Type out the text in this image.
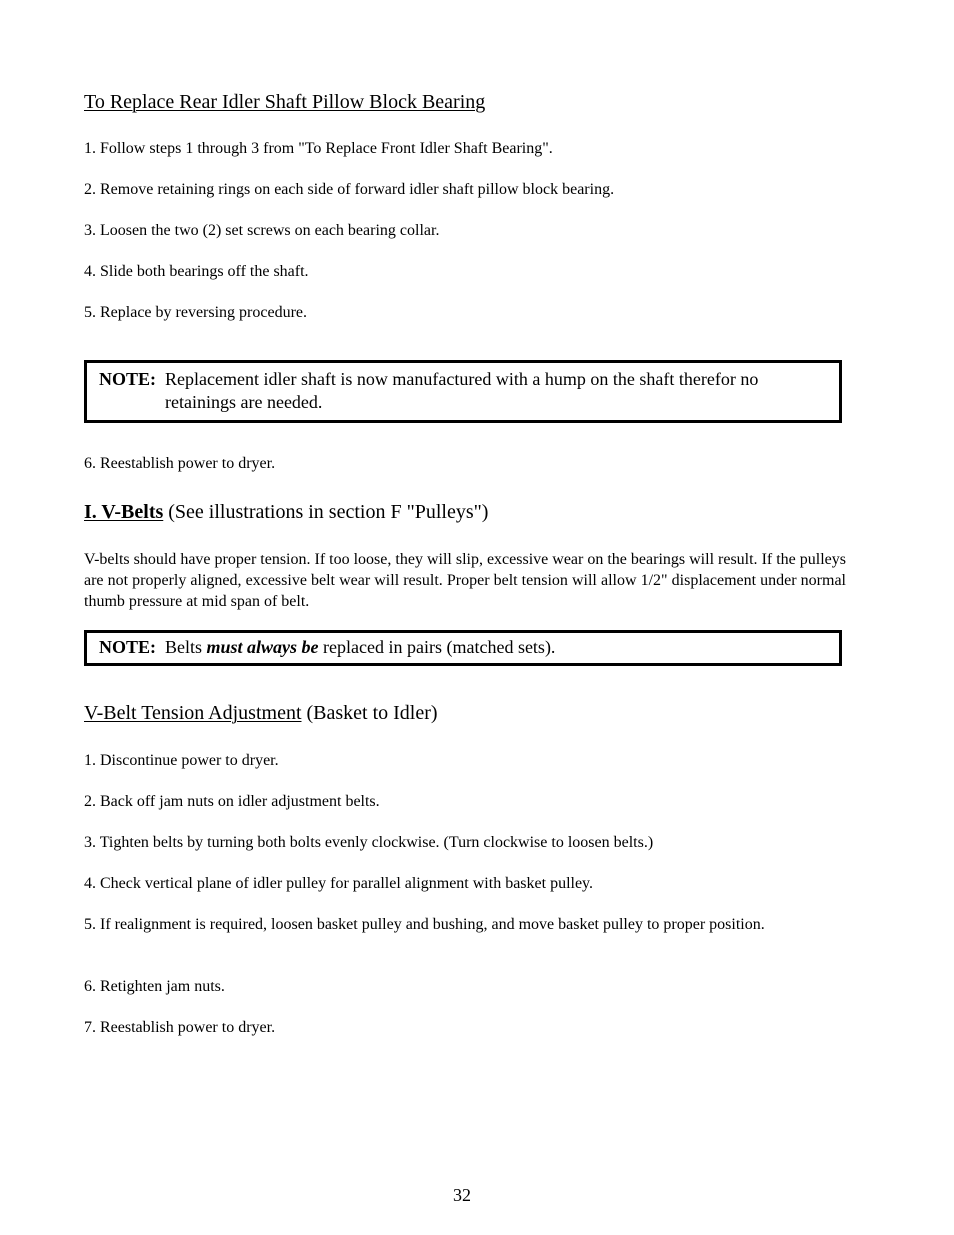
To Replace Rear Idler Shaft Pillow Block Bearing
1. Follow steps 1 through 3 from "To Replace Front Idler Shaft Bearing".
2. Remove retaining rings on each side of forward idler shaft pillow block bearing.
3. Loosen the two (2) set screws on each bearing collar.
4. Slide both bearings off the shaft.
5. Replace by reversing procedure.
NOTE: Replacement idler shaft is now manufactured with a hump on the shaft therefor no
retainings are needed.
6. Reestablish power to dryer.
I. V-Belts (See illustrations in section F "Pulleys")
V-belts should have proper tension. If too loose, they will slip, excessive wear on the bearings will result. If the pulleys are not properly aligned, excessive belt wear will result. Proper belt tension will allow 1/2" displacement under normal thumb pressure at mid span of belt.
NOTE: Belts must always be replaced in pairs (matched sets).
V-Belt Tension Adjustment (Basket to Idler)
1. Discontinue power to dryer.
2. Back off jam nuts on idler adjustment belts.
3. Tighten belts by turning both bolts evenly clockwise. (Turn clockwise to loosen belts.)
4. Check vertical plane of idler pulley for parallel alignment with basket pulley.
5. If realignment is required, loosen basket pulley and bushing, and move basket pulley to proper position.
6. Retighten jam nuts.
7. Reestablish power to dryer.
32
